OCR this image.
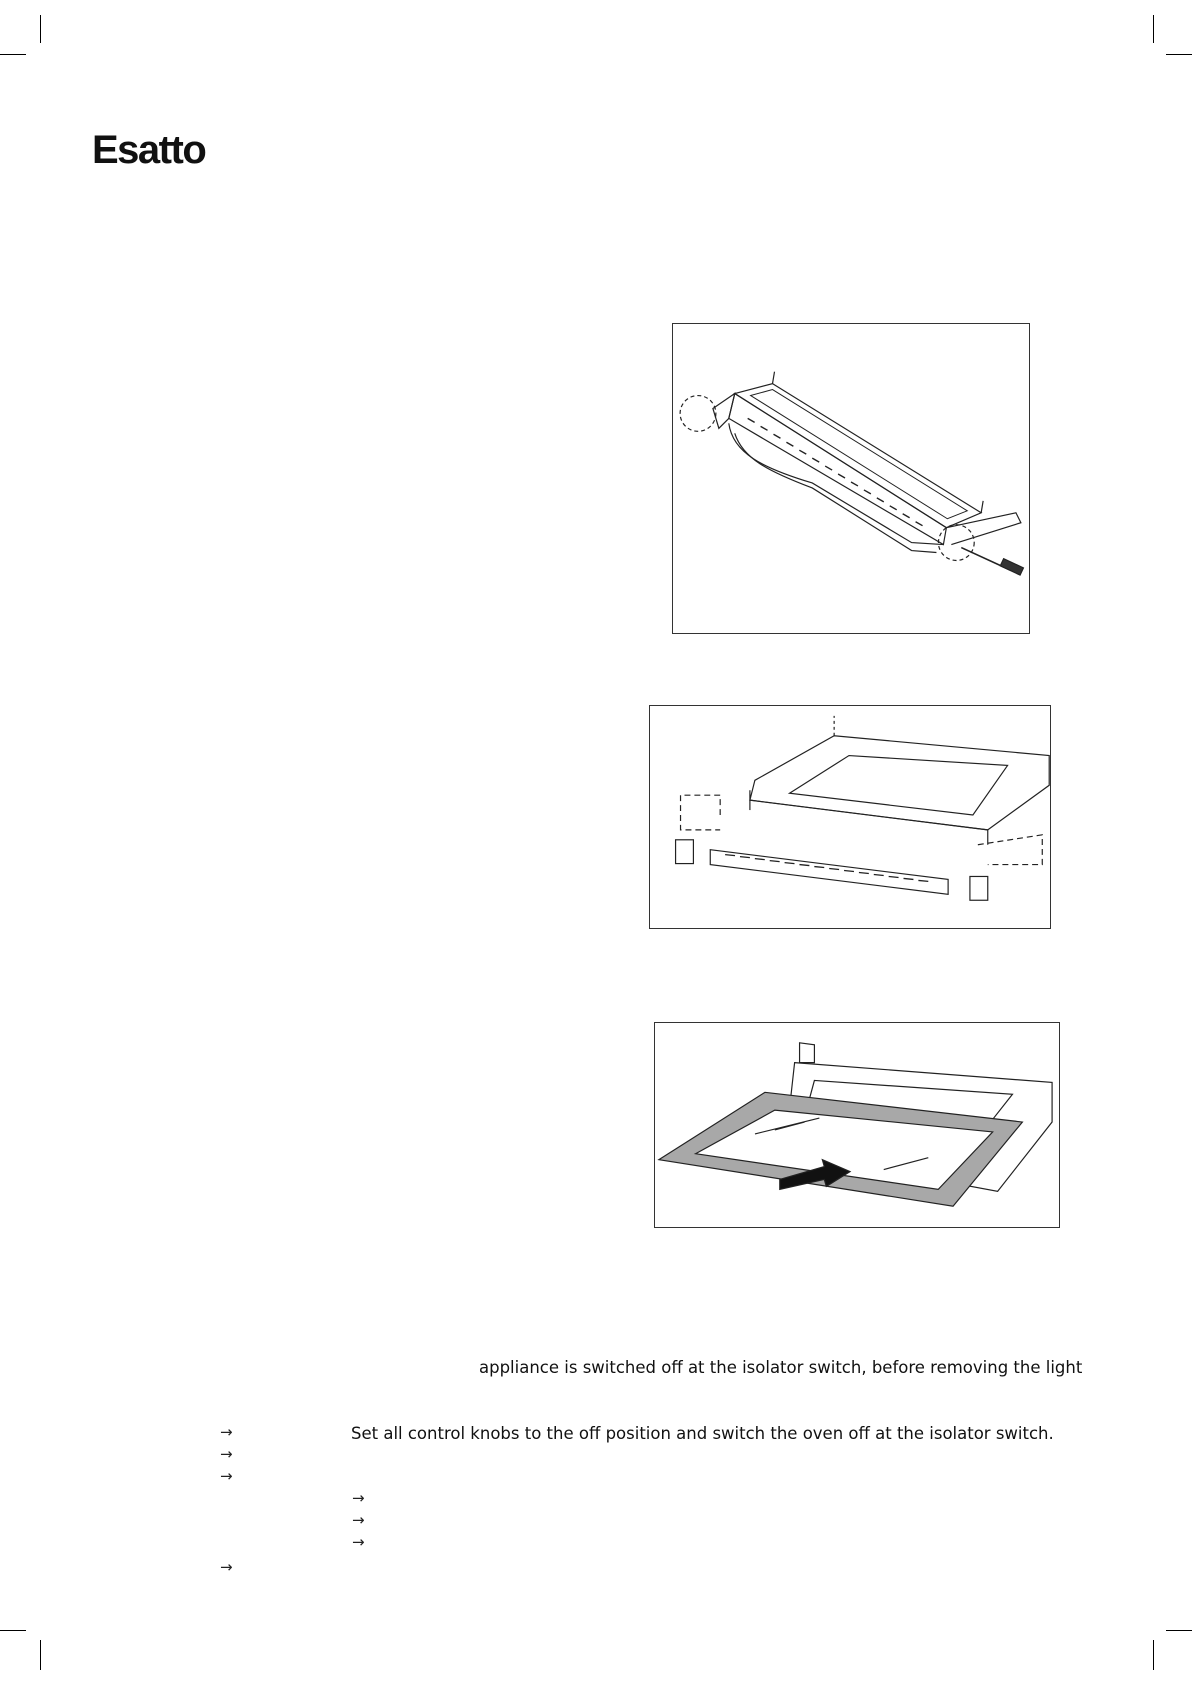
Esatto
appliance is switched off at the isolator switch, before removing the light
→	Set all control knobs to the off position and switch the oven off at the isolator switch.
→
→
→
→
→
→
